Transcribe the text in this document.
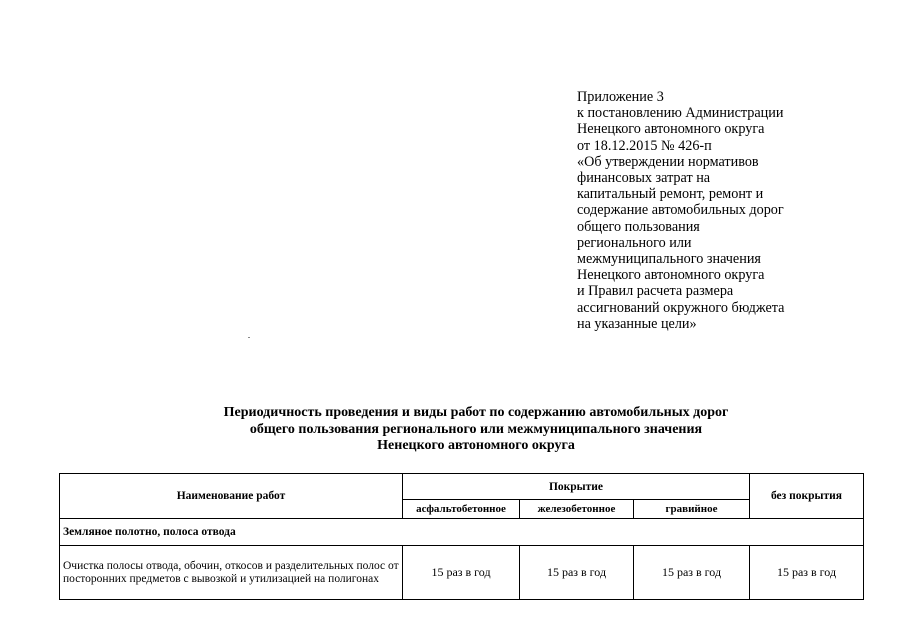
Приложение 3
к постановлению Администрации
Ненецкого автономного округа
от 18.12.2015 № 426-п
«Об утверждении нормативов
финансовых затрат на
капитальный ремонт, ремонт и
содержание автомобильных дорог
общего пользования
регионального или
межмуниципального значения
Ненецкого автономного округа
и Правил расчета размера
ассигнований окружного бюджета
на указанные цели»
Периодичность проведения и виды работ по содержанию автомобильных дорог
общего пользования регионального или межмуниципального значения
Ненецкого автономного округа
Наименование работ	Покрытие			без покрытия
	асфальтобетонное	железобетонное	гравийное	
Земляное полотно, полоса отвода				
Очистка полосы отвода, обочин, откосов и разделительных полос от посторонних предметов с вывозкой и утилизацией на полигонах	15 раз в год	15 раз в год	15 раз в год	15 раз в год
